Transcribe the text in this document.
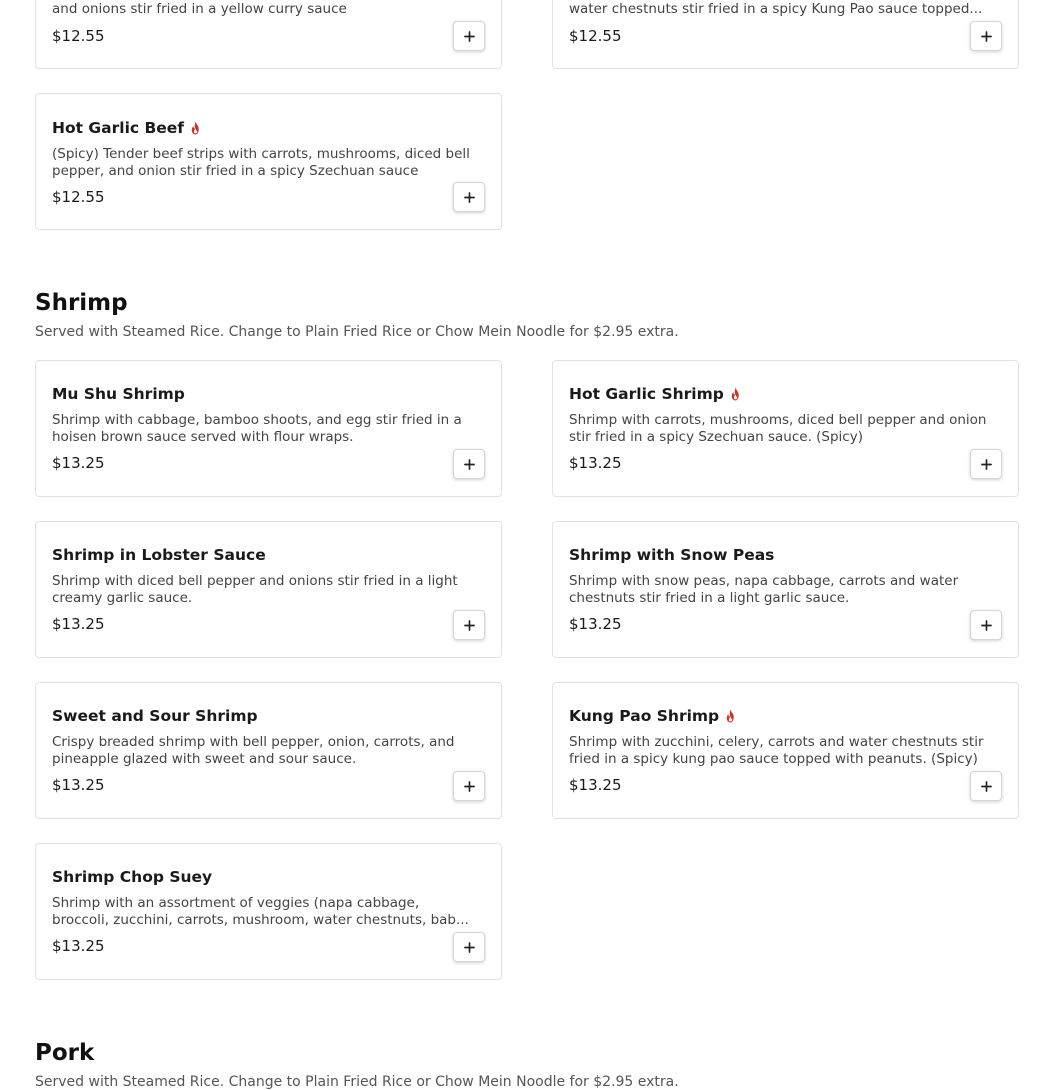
and onions stir fried in a yellow curry sauce
$12.55
water chestnuts stir fried in a spicy Kung Pao sauce topped...
$12.55
Hot Garlic Beef
(Spicy) Tender beef strips with carrots, mushrooms, diced bell pepper, and onion stir fried in a spicy Szechuan sauce
$12.55
Shrimp
Served with Steamed Rice. Change to Plain Fried Rice or Chow Mein Noodle for $2.95 extra.
Mu Shu Shrimp
Shrimp with cabbage, bamboo shoots, and egg stir fried in a hoisen brown sauce served with flour wraps.
$13.25
Hot Garlic Shrimp
Shrimp with carrots, mushrooms, diced bell pepper and onion stir fried in a spicy Szechuan sauce. (Spicy)
$13.25
Shrimp in Lobster Sauce
Shrimp with diced bell pepper and onions stir fried in a light creamy garlic sauce.
$13.25
Shrimp with Snow Peas
Shrimp with snow peas, napa cabbage, carrots and water chestnuts stir fried in a light garlic sauce.
$13.25
Sweet and Sour Shrimp
Crispy breaded shrimp with bell pepper, onion, carrots, and pineapple glazed with sweet and sour sauce.
$13.25
Kung Pao Shrimp
Shrimp with zucchini, celery, carrots and water chestnuts stir fried in a spicy kung pao sauce topped with peanuts. (Spicy)
$13.25
Shrimp Chop Suey
Shrimp with an assortment of veggies (napa cabbage, broccoli, zucchini, carrots, mushroom, water chestnuts, bab...
$13.25
Pork
Served with Steamed Rice. Change to Plain Fried Rice or Chow Mein Noodle for $2.95 extra.
